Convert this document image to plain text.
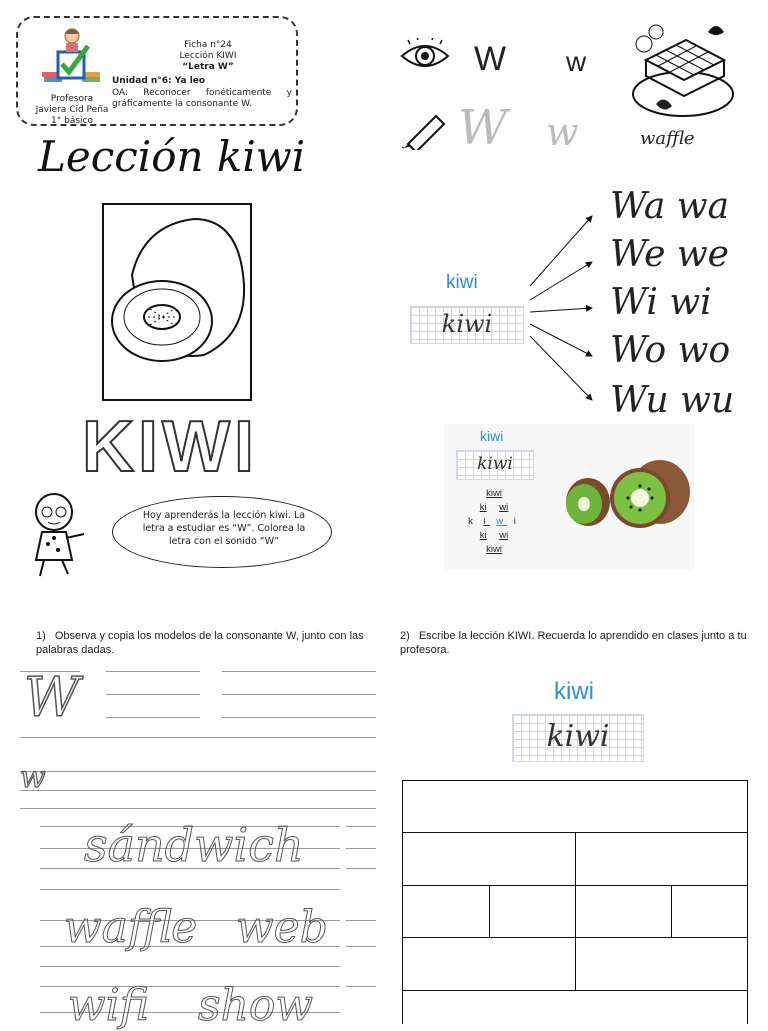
Profesora
Javiera Cid Peña
1° básico
Ficha n°24
Lección KIWI
“Letra W”
Unidad n°6: Ya leo
OA: Reconocer fonéticamente y gráficamente la consonante W.
Lección kiwi
W w
W w	waffle
KIWI
Hoy aprenderás la lección kiwi. La letra a estudiar es “W”. Colorea la letra con el sonido “W”
kiwi
kiwi
Wa wa
We we
Wi wi
Wo wo
Wu wu
kiwi
kiwi
kiwi
ki wi
k i w i
ki wi
kiwi
1) Observa y copia los modelos de la consonante W, junto con las palabras dadas.
W
w
sándwich
waffle web
wifi show
2) Escribe la lección KIWI. Recuerda lo aprendido en clases junto a tu profesora.
kiwi
kiwi
